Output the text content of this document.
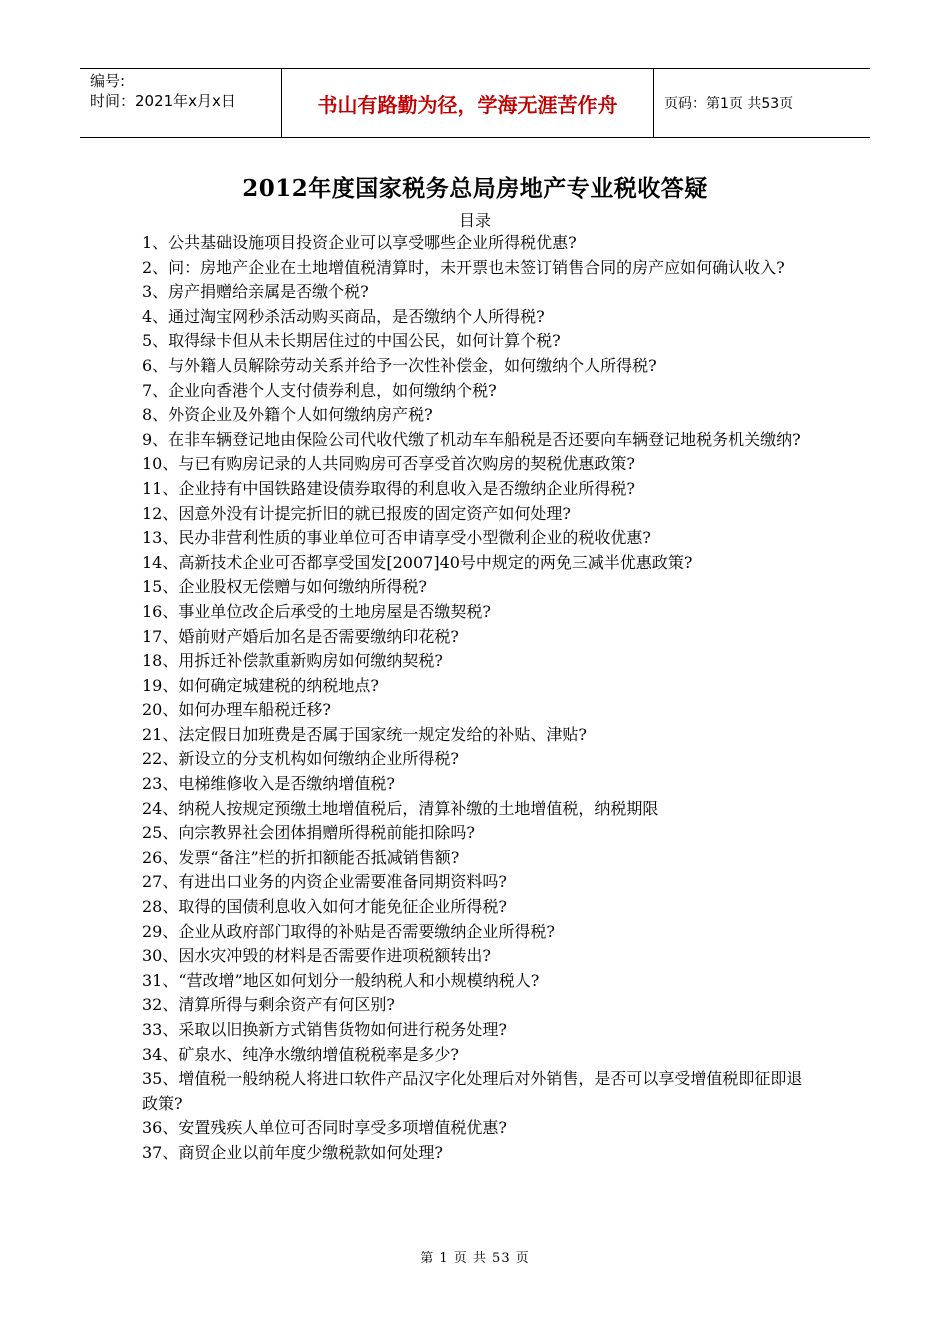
编号:
时间：2021年x月x日	书山有路勤为径，学海无涯苦作舟	页码：第1页 共53页
2012年度国家税务总局房地产专业税收答疑
目录
1、公共基础设施项目投资企业可以享受哪些企业所得税优惠?
2、问：房地产企业在土地增值税清算时，未开票也未签订销售合同的房产应如何确认收入?
3、房产捐赠给亲属是否缴个税?
4、通过淘宝网秒杀活动购买商品，是否缴纳个人所得税?
5、取得绿卡但从未长期居住过的中国公民，如何计算个税?
6、与外籍人员解除劳动关系并给予一次性补偿金，如何缴纳个人所得税?
7、企业向香港个人支付债券利息，如何缴纳个税?
8、外资企业及外籍个人如何缴纳房产税?
9、在非车辆登记地由保险公司代收代缴了机动车车船税是否还要向车辆登记地税务机关缴纳?
10、与已有购房记录的人共同购房可否享受首次购房的契税优惠政策?
11、企业持有中国铁路建设债券取得的利息收入是否缴纳企业所得税?
12、因意外没有计提完折旧的就已报废的固定资产如何处理?
13、民办非营利性质的事业单位可否申请享受小型微利企业的税收优惠?
14、高新技术企业可否都享受国发[2007]40号中规定的两免三减半优惠政策?
15、企业股权无偿赠与如何缴纳所得税?
16、事业单位改企后承受的土地房屋是否缴契税?
17、婚前财产婚后加名是否需要缴纳印花税?
18、用拆迁补偿款重新购房如何缴纳契税?
19、如何确定城建税的纳税地点?
20、如何办理车船税迁移?
21、法定假日加班费是否属于国家统一规定发给的补贴、津贴?
22、新设立的分支机构如何缴纳企业所得税?
23、电梯维修收入是否缴纳增值税?
24、纳税人按规定预缴土地增值税后，清算补缴的土地增值税，纳税期限
25、向宗教界社会团体捐赠所得税前能扣除吗?
26、发票“备注”栏的折扣额能否抵减销售额?
27、有进出口业务的内资企业需要准备同期资料吗?
28、取得的国债利息收入如何才能免征企业所得税?
29、企业从政府部门取得的补贴是否需要缴纳企业所得税?
30、因水灾冲毁的材料是否需要作进项税额转出?
31、“营改增”地区如何划分一般纳税人和小规模纳税人?
32、清算所得与剩余资产有何区别?
33、采取以旧换新方式销售货物如何进行税务处理?
34、矿泉水、纯净水缴纳增值税税率是多少?
35、增值税一般纳税人将进口软件产品汉字化处理后对外销售，是否可以享受增值税即征即退政策?
36、安置残疾人单位可否同时享受多项增值税优惠?
37、商贸企业以前年度少缴税款如何处理?
第 1 页 共 53 页
